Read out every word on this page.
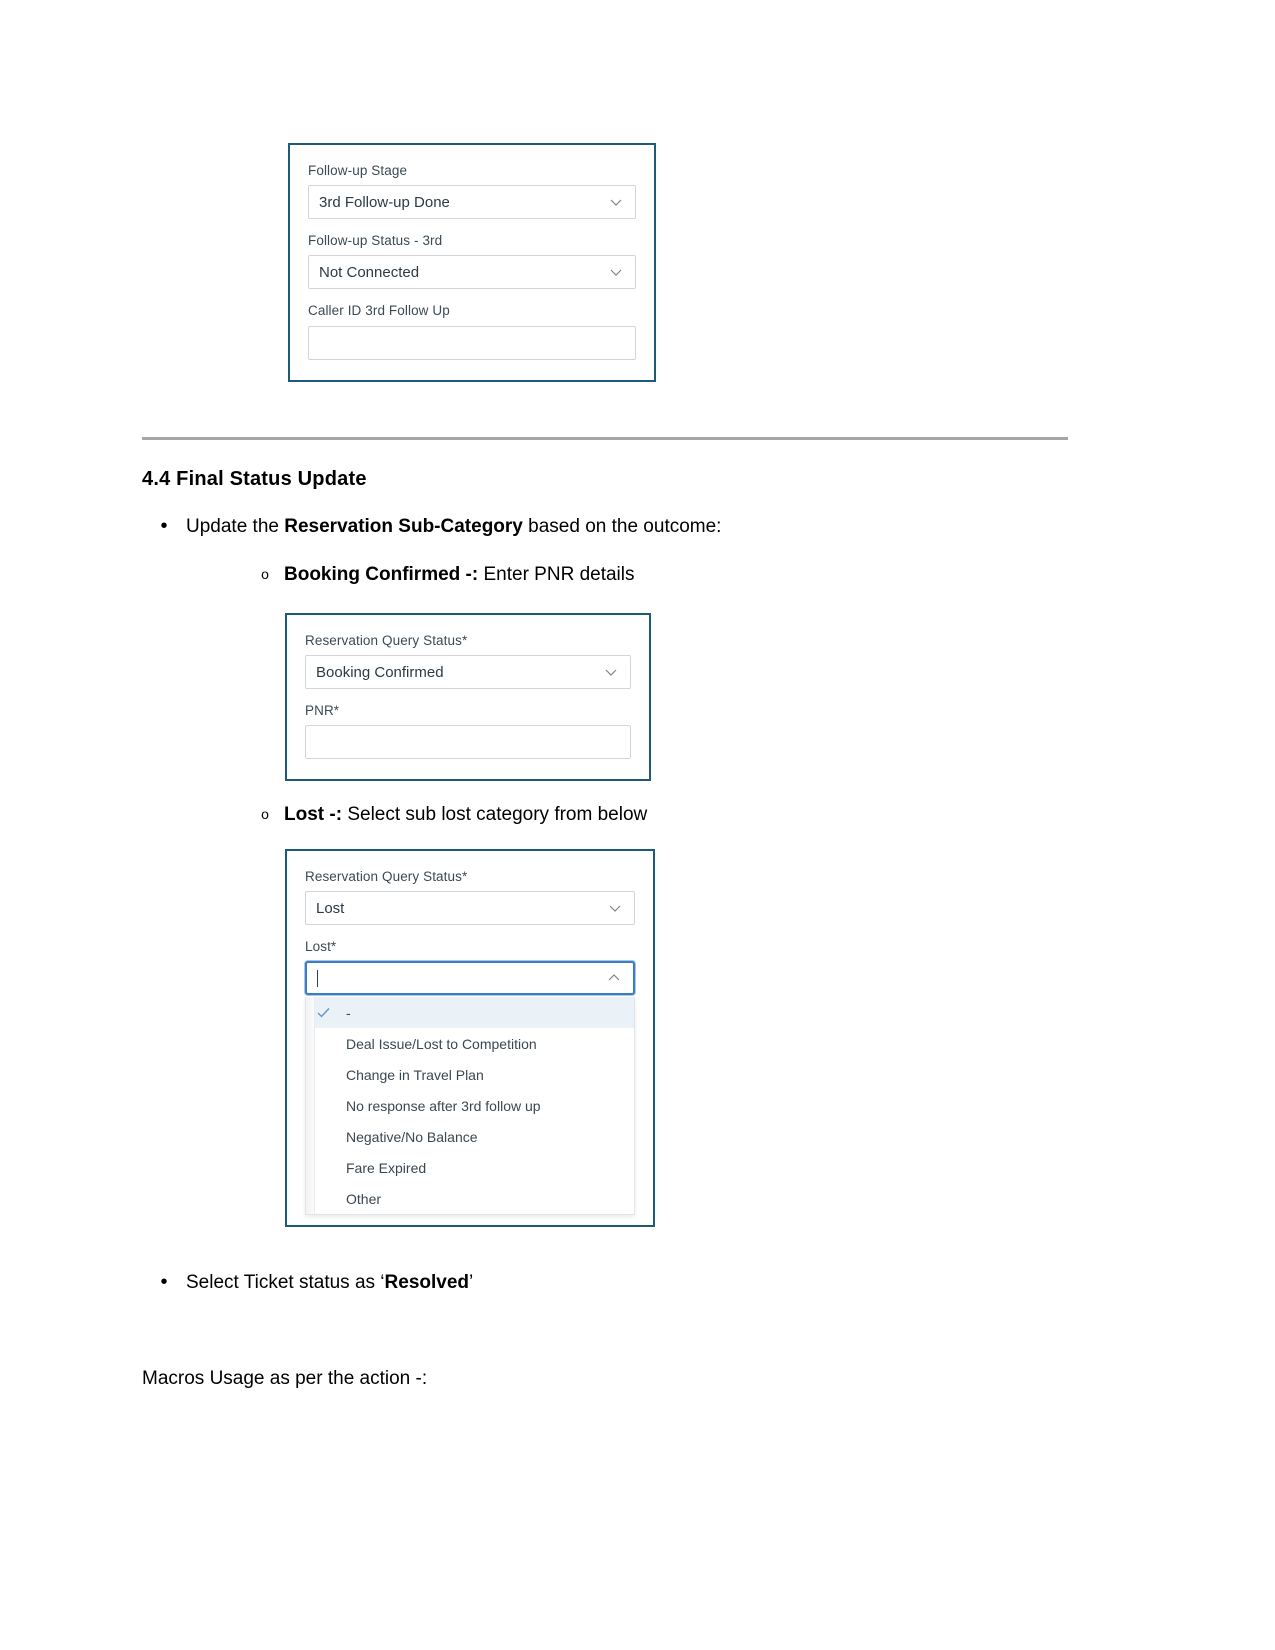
Follow-up Stage
3rd Follow-up Done
Follow-up Status - 3rd
Not Connected
Caller ID 3rd Follow Up
4.4 Final Status Update
• Update the Reservation Sub-Category based on the outcome:
o Booking Confirmed -: Enter PNR details
Reservation Query Status*
Booking Confirmed
PNR*
o Lost -: Select sub lost category from below
Reservation Query Status*
Lost
Lost*
-
Deal Issue/Lost to Competition
Change in Travel Plan
No response after 3rd follow up
Negative/No Balance
Fare Expired
Other
• Select Ticket status as ‘Resolved’
Macros Usage as per the action -:
